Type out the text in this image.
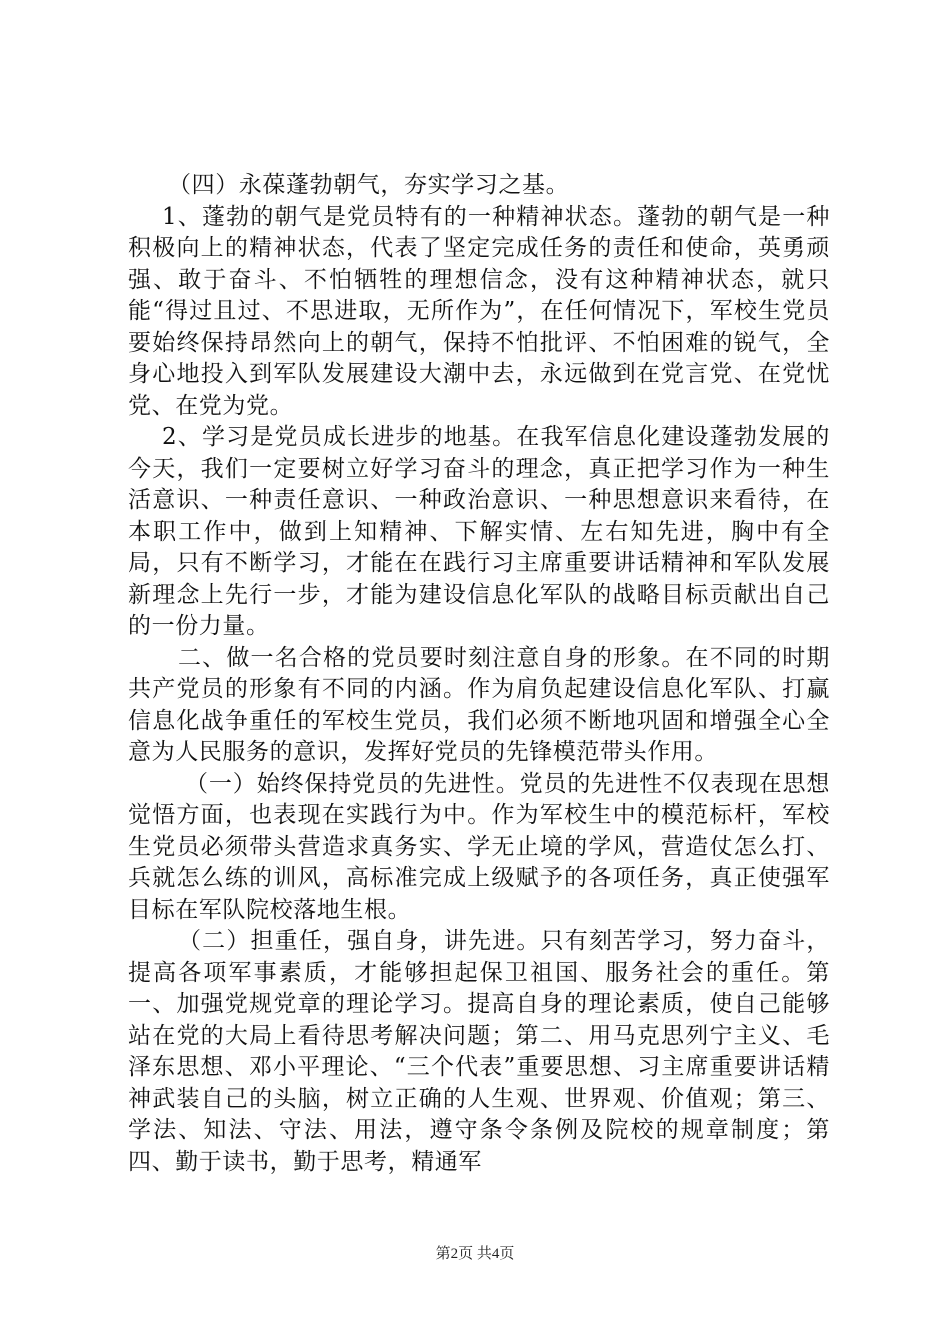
（四）永葆蓬勃朝气，夯实学习之基。

1、蓬勃的朝气是党员特有的一种精神状态。蓬勃的朝气是一种积极向上的精神状态，代表了坚定完成任务的责任和使命，英勇顽强、敢于奋斗、不怕牺牲的理想信念，没有这种精神状态，就只能“得过且过、不思进取，无所作为”，在任何情况下，军校生党员要始终保持昂然向上的朝气，保持不怕批评、不怕困难的锐气，全身心地投入到军队发展建设大潮中去，永远做到在党言党、在党忧党、在党为党。

2、学习是党员成长进步的地基。在我军信息化建设蓬勃发展的今天，我们一定要树立好学习奋斗的理念，真正把学习作为一种生活意识、一种责任意识、一种政治意识、一种思想意识来看待，在本职工作中，做到上知精神、下解实情、左右知先进，胸中有全局，只有不断学习，才能在在践行习主席重要讲话精神和军队发展新理念上先行一步，才能为建设信息化军队的战略目标贡献出自己的一份力量。

二、做一名合格的党员要时刻注意自身的形象。在不同的时期共产党员的形象有不同的内涵。作为肩负起建设信息化军队、打赢信息化战争重任的军校生党员，我们必须不断地巩固和增强全心全意为人民服务的意识，发挥好党员的先锋模范带头作用。

（一）始终保持党员的先进性。党员的先进性不仅表现在思想觉悟方面，也表现在实践行为中。作为军校生中的模范标杆，军校生党员必须带头营造求真务实、学无止境的学风，营造仗怎么打、兵就怎么练的训风，高标准完成上级赋予的各项任务，真正使强军目标在军队院校落地生根。

（二）担重任，强自身，讲先进。只有刻苦学习，努力奋斗，提高各项军事素质，才能够担起保卫祖国、服务社会的重任。第一、加强党规党章的理论学习。提高自身的理论素质，使自己能够站在党的大局上看待思考解决问题；第二、用马克思列宁主义、毛泽东思想、邓小平理论、“三个代表”重要思想、习主席重要讲话精神武装自己的头脑，树立正确的人生观、世界观、价值观；第三、学法、知法、守法、用法，遵守条令条例及院校的规章制度；第四、勤于读书，勤于思考，精通军

第2页 共4页
